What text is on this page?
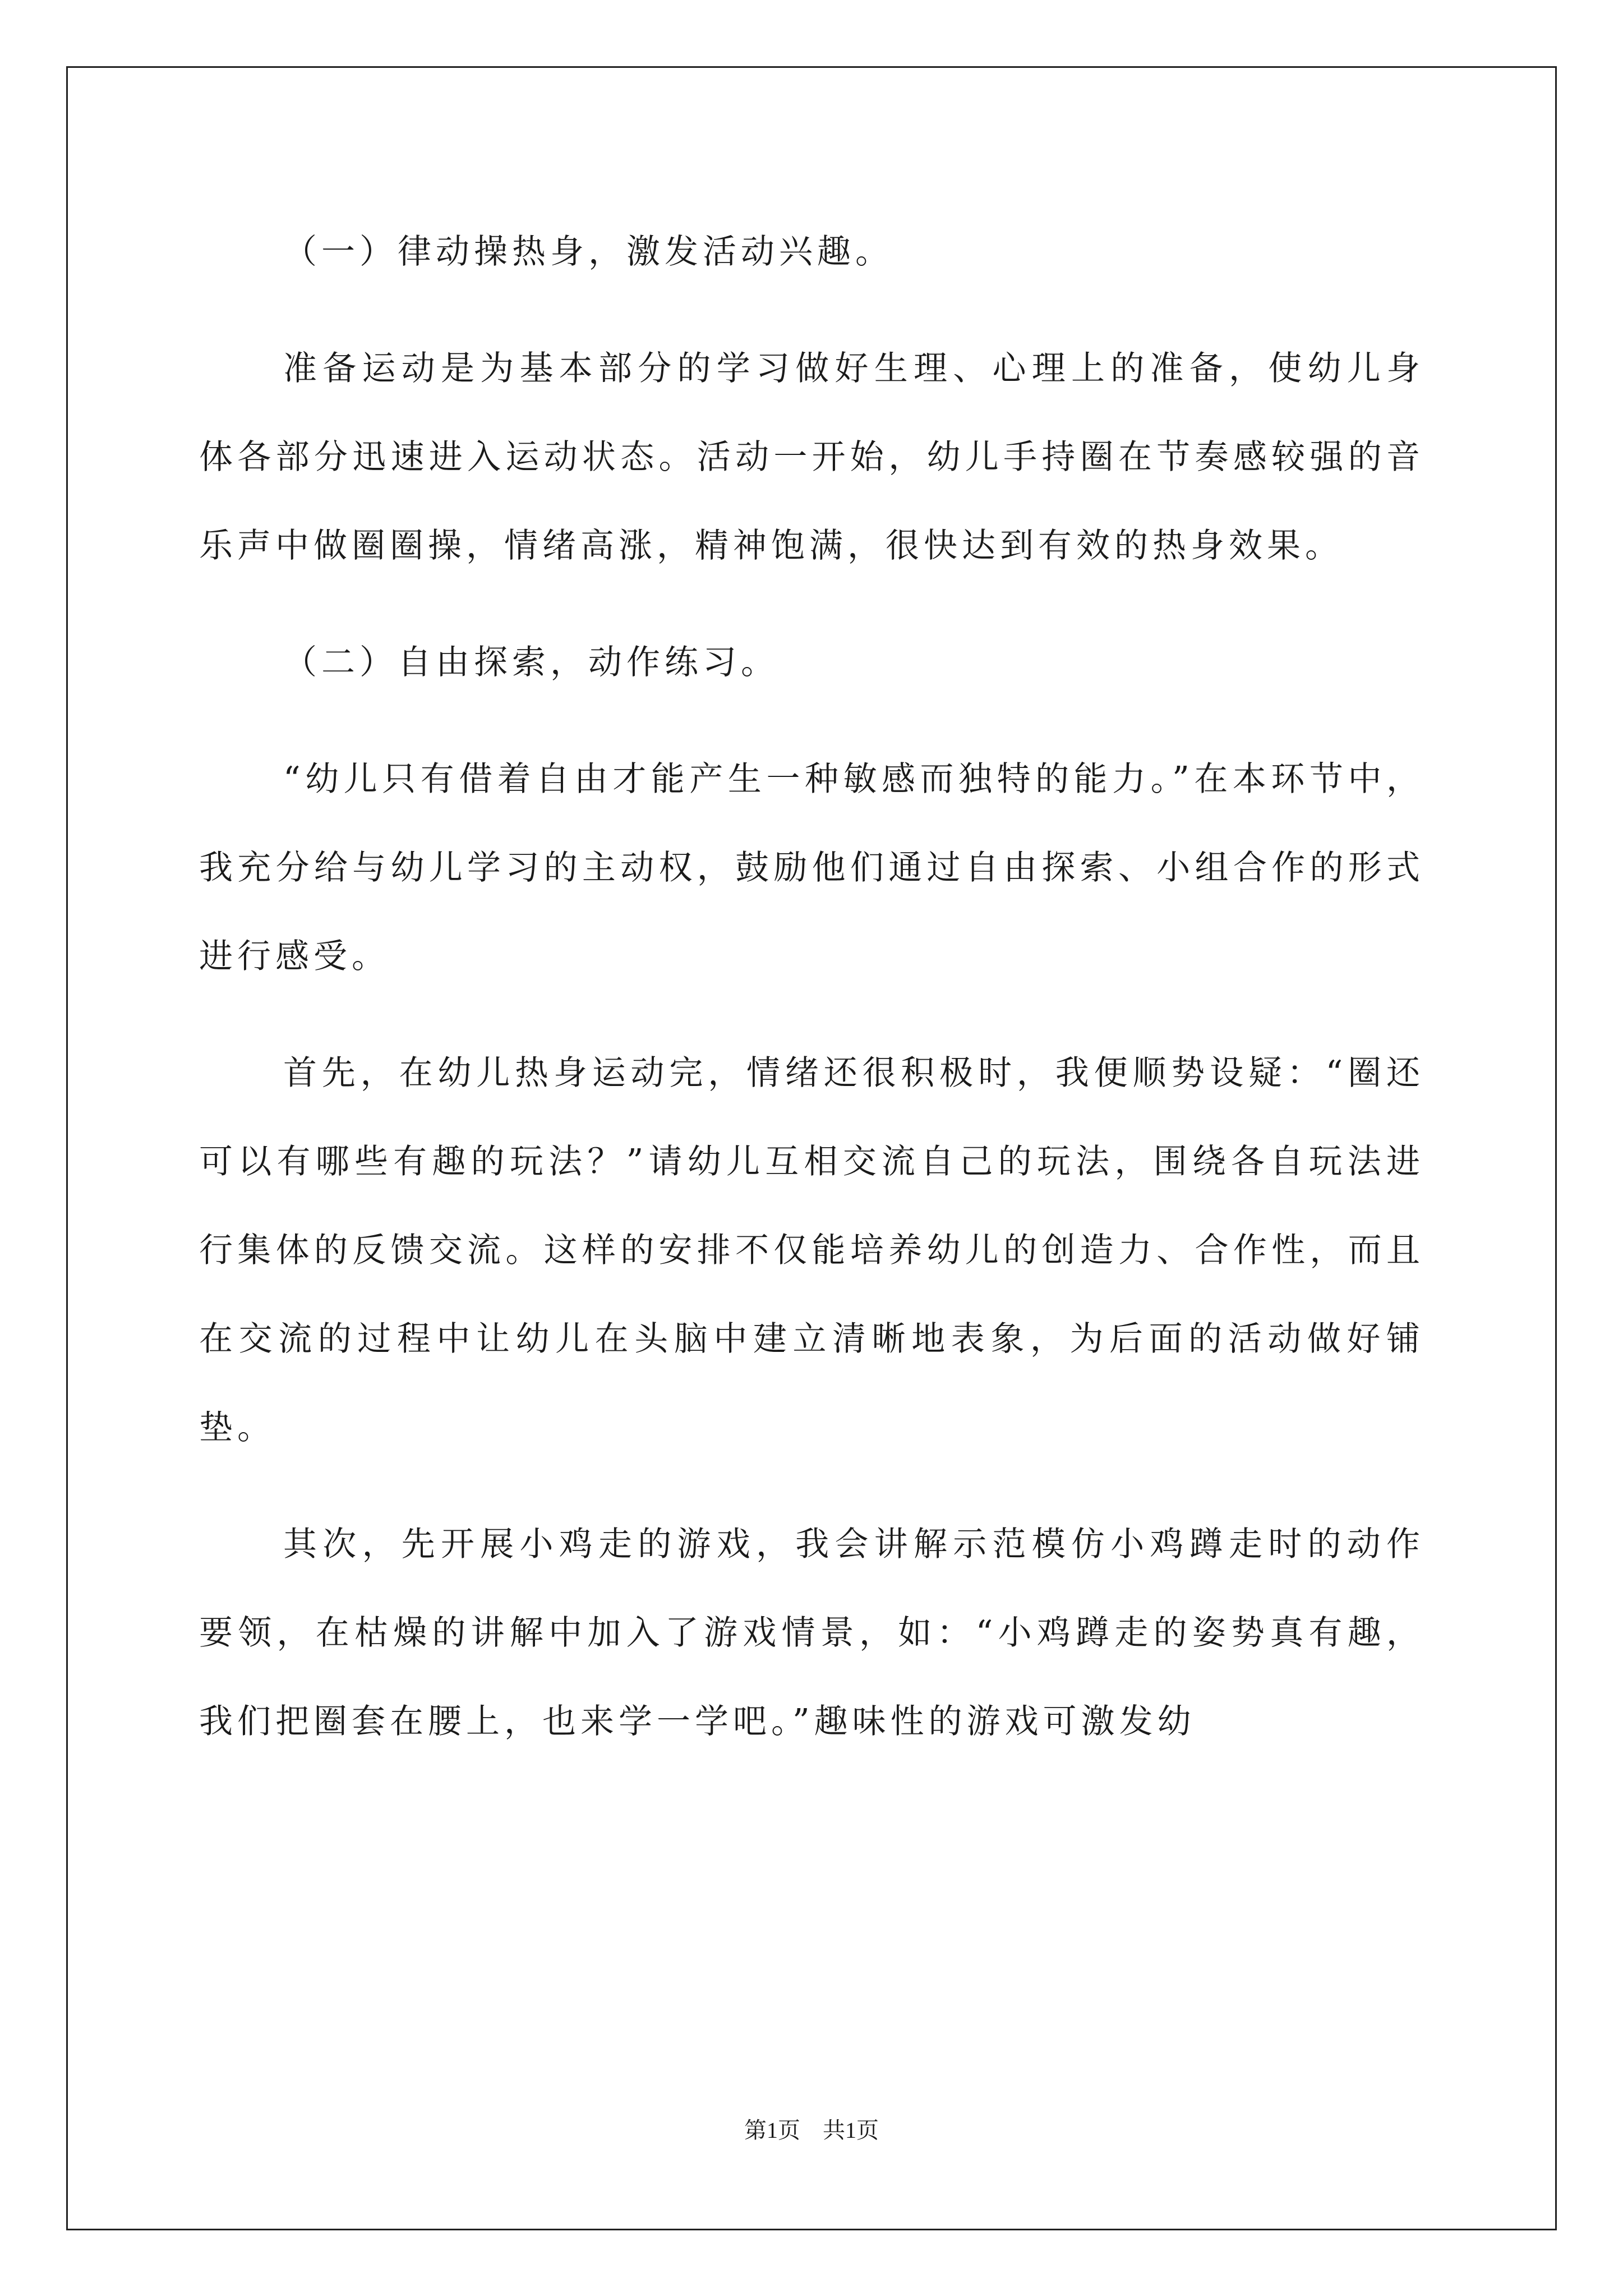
（一）律动操热身，激发活动兴趣。

准备运动是为基本部分的学习做好生理、心理上的准备，使幼儿身体各部分迅速进入运动状态。活动一开始，幼儿手持圈在节奏感较强的音乐声中做圈圈操，情绪高涨，精神饱满，很快达到有效的热身效果。

（二）自由探索，动作练习。

“幼儿只有借着自由才能产生一种敏感而独特的能力。”在本环节中，我充分给与幼儿学习的主动权，鼓励他们通过自由探索、小组合作的形式进行感受。

首先，在幼儿热身运动完，情绪还很积极时，我便顺势设疑：“圈还可以有哪些有趣的玩法？”请幼儿互相交流自己的玩法，围绕各自玩法进行集体的反馈交流。这样的安排不仅能培养幼儿的创造力、合作性，而且在交流的过程中让幼儿在头脑中建立清晰地表象，为后面的活动做好铺垫。

其次，先开展小鸡走的游戏，我会讲解示范模仿小鸡蹲走时的动作要领，在枯燥的讲解中加入了游戏情景，如：“小鸡蹲走的姿势真有趣，我们把圈套在腰上，也来学一学吧。”趣味性的游戏可激发幼

第1页　共1页
